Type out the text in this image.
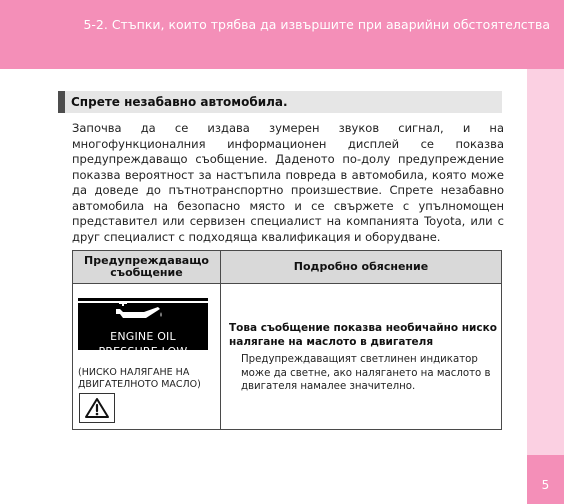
5-2. Стъпки, които трябва да извършите при аварийни обстоятелства
5
Спрете незабавно автомобила.
Започва да се издава зумерен звуков сигнал, и на многофункционалния информационен дисплей се показва предупреждаващо съобщение. Даденото по-долу предупреждение показва вероятност за настъпила повреда в автомобила, която може да доведе до пътнотранспортно произшествие. Спрете незабавно автомобила на безопасно място и се свържете с упълномощен представител или сервизен специалист на компанията Toyota, или с друг специалист с подходяща квалификация и оборудване.
Предупреждаващо съобщение	Подробно обяснение
ENGINE OIL
PRESSURE LOW
(НИСКО НАЛЯГАНЕ НА ДВИГАТЕЛНОТО МАСЛО)
Това съобщение показва необичайно ниско налягане на маслото в двигателя
Предупреждаващият светлинен индикатор може да светне, ако налягането на маслото в двигателя намалее значително.
